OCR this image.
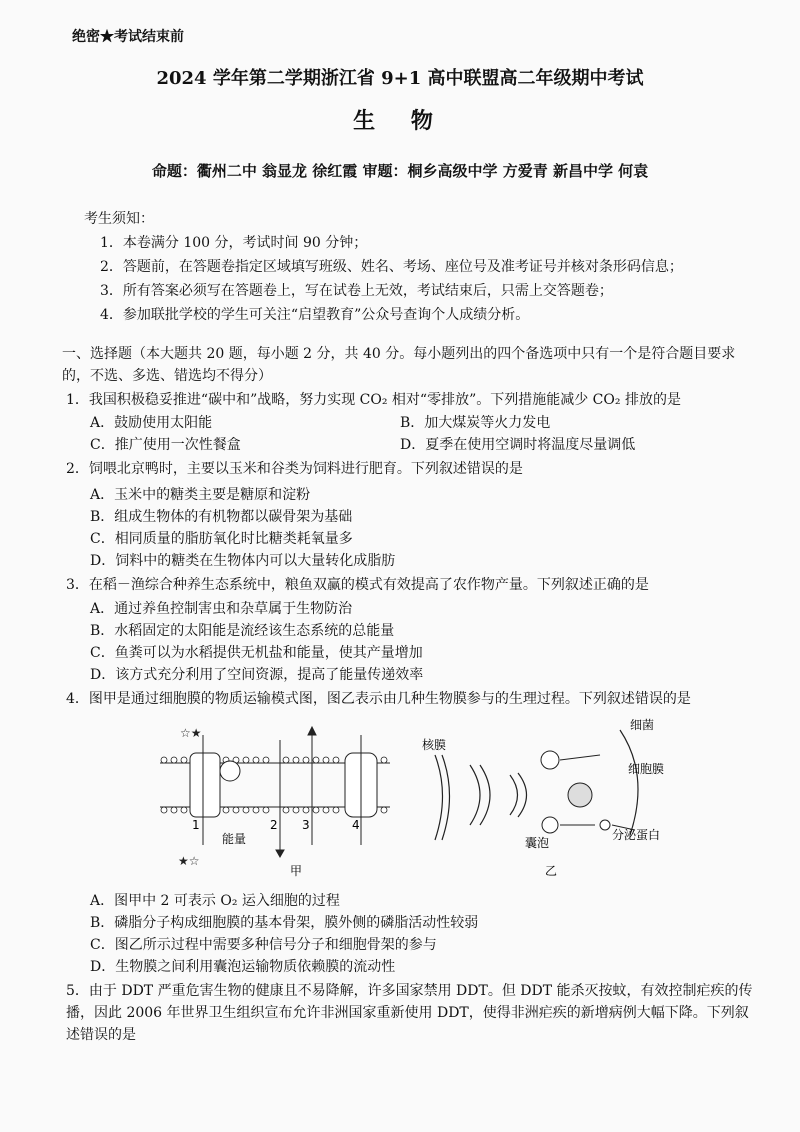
绝密★考试结束前
2024 学年第二学期浙江省 9+1 高中联盟高二年级期中考试
生 物
命题：衢州二中 翁显龙 徐红霞 审题：桐乡高级中学 方爱青 新昌中学 何袁
考生须知：
1．本卷满分 100 分，考试时间 90 分钟；
2．答题前，在答题卷指定区域填写班级、姓名、考场、座位号及准考证号并核对条形码信息；
3．所有答案必须写在答题卷上，写在试卷上无效，考试结束后，只需上交答题卷；
4．参加联批学校的学生可关注“启望教育”公众号查询个人成绩分析。
一、选择题（本大题共 20 题，每小题 2 分，共 40 分。每小题列出的四个备选项中只有一个是符合题目要求的，不选、多选、错选均不得分）
1．我国积极稳妥推进“碳中和”战略，努力实现 CO₂ 相对“零排放”。下列措施能减少 CO₂ 排放的是
A．鼓励使用太阳能	B．加大煤炭等火力发电
C．推广使用一次性餐盒	D．夏季在使用空调时将温度尽量调低
2．饲喂北京鸭时，主要以玉米和谷类为饲料进行肥育。下列叙述错误的是
A．玉米中的糖类主要是糖原和淀粉
B．组成生物体的有机物都以碳骨架为基础
C．相同质量的脂肪氧化时比糖类耗氧量多
D．饲料中的糖类在生物体内可以大量转化成脂肪
3．在稻－渔综合种养生态系统中，粮鱼双赢的模式有效提高了农作物产量。下列叙述正确的是
A．通过养鱼控制害虫和杂草属于生物防治
B．水稻固定的太阳能是流经该生态系统的总能量
C．鱼粪可以为水稻提供无机盐和能量，使其产量增加
D．该方式充分利用了空间资源，提高了能量传递效率
4．图甲是通过细胞膜的物质运输模式图，图乙表示由几种生物膜参与的生理过程。下列叙述错误的是
☆★
★☆
1	2 3	4
能量
甲
核膜
细菌
细胞膜
囊泡
分泌蛋白
乙
A．图甲中 2 可表示 O₂ 运入细胞的过程
B．磷脂分子构成细胞膜的基本骨架，膜外侧的磷脂活动性较弱
C．图乙所示过程中需要多种信号分子和细胞骨架的参与
D．生物膜之间利用囊泡运输物质依赖膜的流动性
5．由于 DDT 严重危害生物的健康且不易降解，许多国家禁用 DDT。但 DDT 能杀灭按蚊，有效控制疟疾的传播，因此 2006 年世界卫生组织宣布允许非洲国家重新使用 DDT，使得非洲疟疾的新增病例大幅下降。下列叙述错误的是
